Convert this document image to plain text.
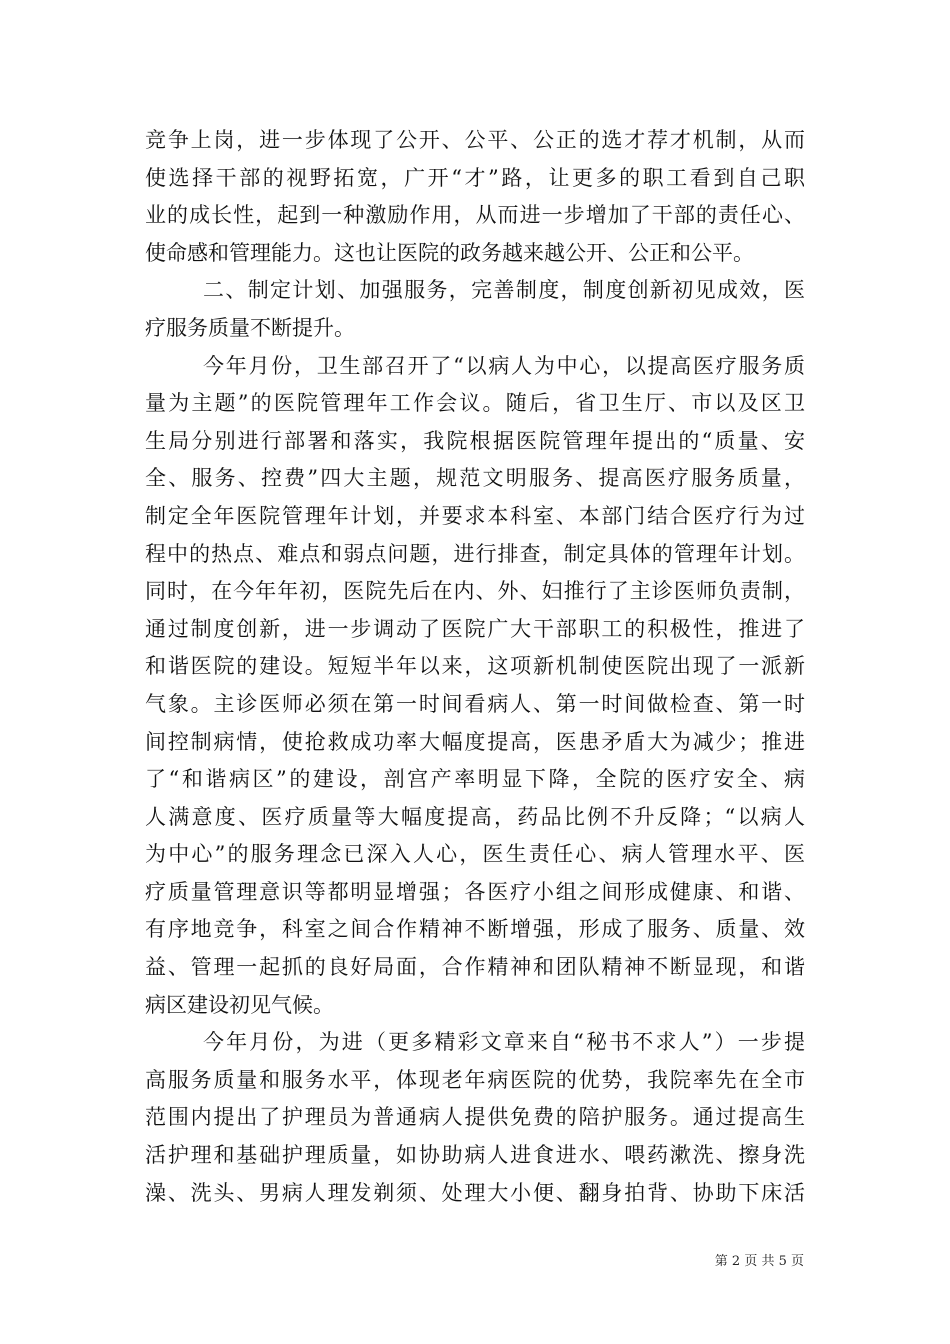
竞争上岗，进一步体现了公开、公平、公正的选才荐才机制，从而
使选择干部的视野拓宽，广开“才”路，让更多的职工看到自己职
业的成长性，起到一种激励作用，从而进一步增加了干部的责任心、
使命感和管理能力。这也让医院的政务越来越公开、公正和公平。
二、制定计划、加强服务，完善制度，制度创新初见成效，医
疗服务质量不断提升。
今年月份，卫生部召开了“以病人为中心，以提高医疗服务质
量为主题”的医院管理年工作会议。随后，省卫生厅、市以及区卫
生局分别进行部署和落实，我院根据医院管理年提出的“质量、安
全、服务、控费”四大主题，规范文明服务、提高医疗服务质量，
制定全年医院管理年计划，并要求本科室、本部门结合医疗行为过
程中的热点、难点和弱点问题，进行排查，制定具体的管理年计划。
同时，在今年年初，医院先后在内、外、妇推行了主诊医师负责制，
通过制度创新，进一步调动了医院广大干部职工的积极性，推进了
和谐医院的建设。短短半年以来，这项新机制使医院出现了一派新
气象。主诊医师必须在第一时间看病人、第一时间做检查、第一时
间控制病情，使抢救成功率大幅度提高，医患矛盾大为减少；推进
了“和谐病区”的建设，剖宫产率明显下降，全院的医疗安全、病
人满意度、医疗质量等大幅度提高，药品比例不升反降；“以病人
为中心”的服务理念已深入人心，医生责任心、病人管理水平、医
疗质量管理意识等都明显增强；各医疗小组之间形成健康、和谐、
有序地竞争，科室之间合作精神不断增强，形成了服务、质量、效
益、管理一起抓的良好局面，合作精神和团队精神不断显现，和谐
病区建设初见气候。
今年月份，为进（更多精彩文章来自“秘书不求人”）一步提
高服务质量和服务水平，体现老年病医院的优势，我院率先在全市
范围内提出了护理员为普通病人提供免费的陪护服务。通过提高生
活护理和基础护理质量，如协助病人进食进水、喂药漱洗、擦身洗
澡、洗头、男病人理发剃须、处理大小便、翻身拍背、协助下床活
第 2 页 共 5 页
